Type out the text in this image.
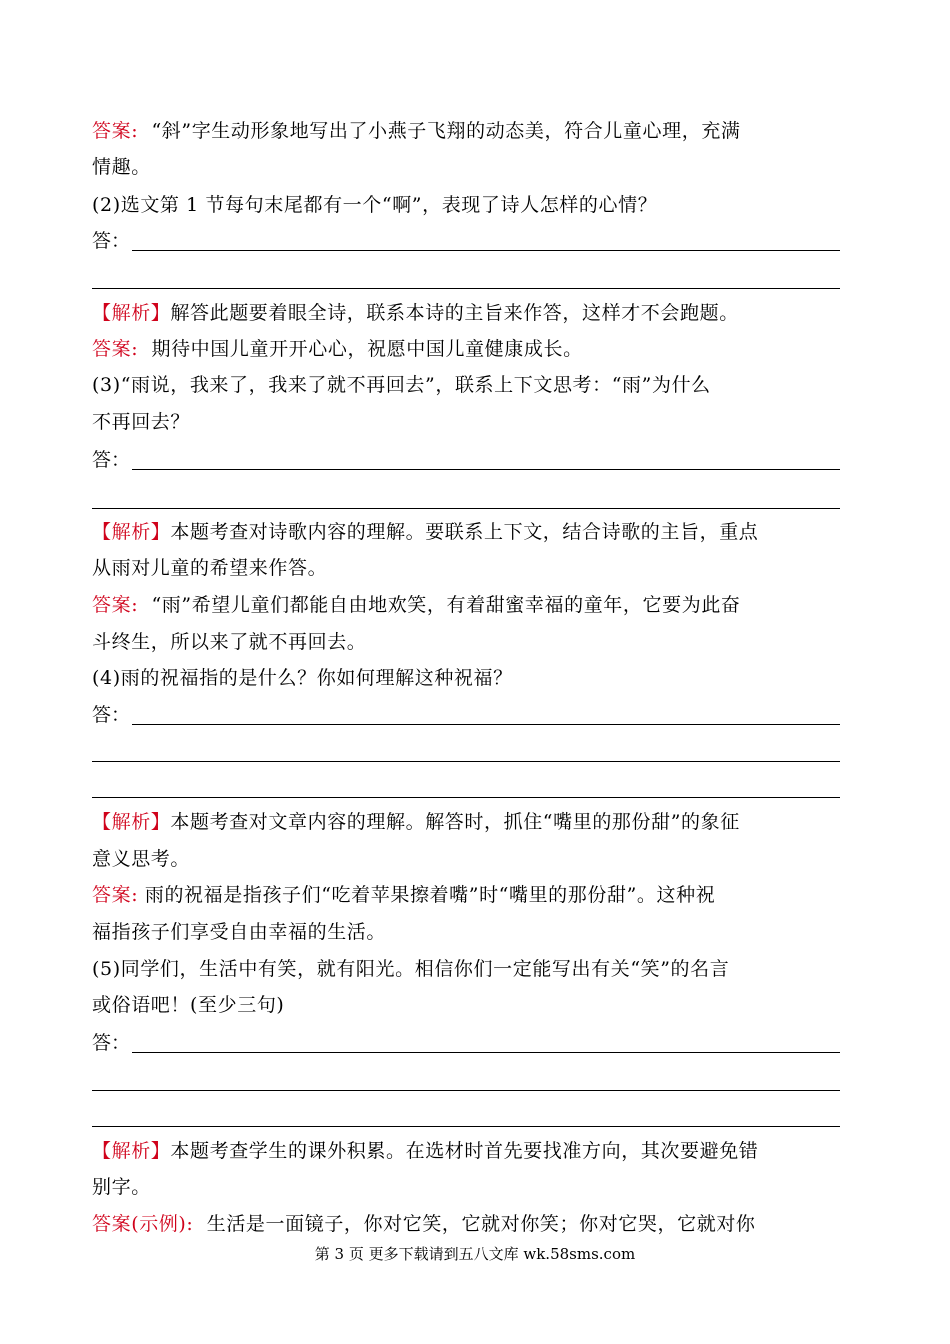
答案: “斜”字生动形象地写出了小燕子飞翔的动态美，符合儿童心理，充满
情趣。
(2)选文第 1 节每句末尾都有一个“啊”，表现了诗人怎样的心情？
答：
【解析】解答此题要着眼全诗，联系本诗的主旨来作答，这样才不会跑题。
答案: 期待中国儿童开开心心，祝愿中国儿童健康成长。
(3)“雨说，我来了，我来了就不再回去”，联系上下文思考：“雨”为什么
不再回去？
答：
【解析】本题考查对诗歌内容的理解。要联系上下文，结合诗歌的主旨，重点
从雨对儿童的希望来作答。
答案: “雨”希望儿童们都能自由地欢笑，有着甜蜜幸福的童年，它要为此奋
斗终生，所以来了就不再回去。
(4)雨的祝福指的是什么？你如何理解这种祝福？
答：
【解析】本题考查对文章内容的理解。解答时，抓住“嘴里的那份甜”的象征
意义思考。
答案: 雨的祝福是指孩子们“吃着苹果擦着嘴”时“嘴里的那份甜”。这种祝
福指孩子们享受自由幸福的生活。
(5)同学们，生活中有笑，就有阳光。相信你们一定能写出有关“笑”的名言
或俗语吧！(至少三句)
答：
【解析】本题考查学生的课外积累。在选材时首先要找准方向，其次要避免错
别字。
答案(示例): 生活是一面镜子，你对它笑，它就对你笑；你对它哭，它就对你
第 3 页 更多下载请到五八文库 wk.58sms.com
